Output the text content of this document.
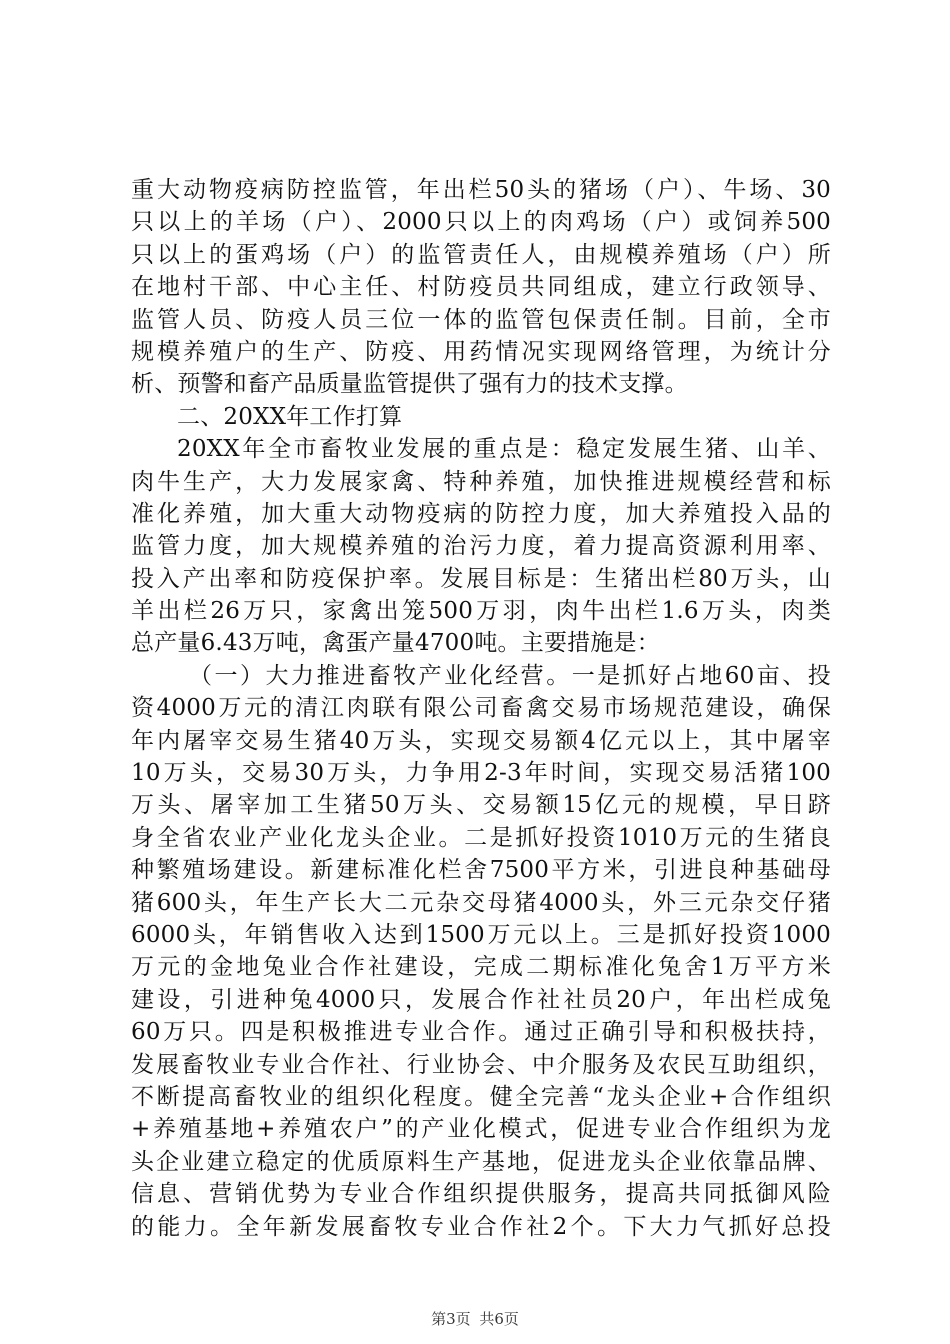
重大动物疫病防控监管，年出栏50头的猪场（户）、牛场、30
只以上的羊场（户）、2000只以上的肉鸡场（户）或饲养500
只以上的蛋鸡场（户）的监管责任人，由规模养殖场（户）所
在地村干部、中心主任、村防疫员共同组成，建立行政领导、
监管人员、防疫人员三位一体的监管包保责任制。目前，全市
规模养殖户的生产、防疫、用药情况实现网络管理，为统计分
析、预警和畜产品质量监管提供了强有力的技术支撑。
二、20XX年工作打算
20XX年全市畜牧业发展的重点是：稳定发展生猪、山羊、
肉牛生产，大力发展家禽、特种养殖，加快推进规模经营和标
准化养殖，加大重大动物疫病的防控力度，加大养殖投入品的
监管力度，加大规模养殖的治污力度，着力提高资源利用率、
投入产出率和防疫保护率。发展目标是：生猪出栏80万头，山
羊出栏26万只，家禽出笼500万羽，肉牛出栏1.6万头，肉类
总产量6.43万吨，禽蛋产量4700吨。主要措施是：
（一）大力推进畜牧产业化经营。一是抓好占地60亩、投
资4000万元的清江肉联有限公司畜禽交易市场规范建设，确保
年内屠宰交易生猪40万头，实现交易额4亿元以上，其中屠宰
10万头，交易30万头，力争用2-3年时间，实现交易活猪100
万头、屠宰加工生猪50万头、交易额15亿元的规模，早日跻
身全省农业产业化龙头企业。二是抓好投资1010万元的生猪良
种繁殖场建设。新建标准化栏舍7500平方米，引进良种基础母
猪600头，年生产长大二元杂交母猪4000头，外三元杂交仔猪
6000头，年销售收入达到1500万元以上。三是抓好投资1000
万元的金地兔业合作社建设，完成二期标准化兔舍1万平方米
建设，引进种兔4000只，发展合作社社员20户，年出栏成兔
60万只。四是积极推进专业合作。通过正确引导和积极扶持，
发展畜牧业专业合作社、行业协会、中介服务及农民互助组织，
不断提高畜牧业的组织化程度。健全完善“龙头企业+合作组织
+养殖基地+养殖农户”的产业化模式，促进专业合作组织为龙
头企业建立稳定的优质原料生产基地，促进龙头企业依靠品牌、
信息、营销优势为专业合作组织提供服务，提高共同抵御风险
的能力。全年新发展畜牧专业合作社2个。下大力气抓好总投
第3页 共6页
